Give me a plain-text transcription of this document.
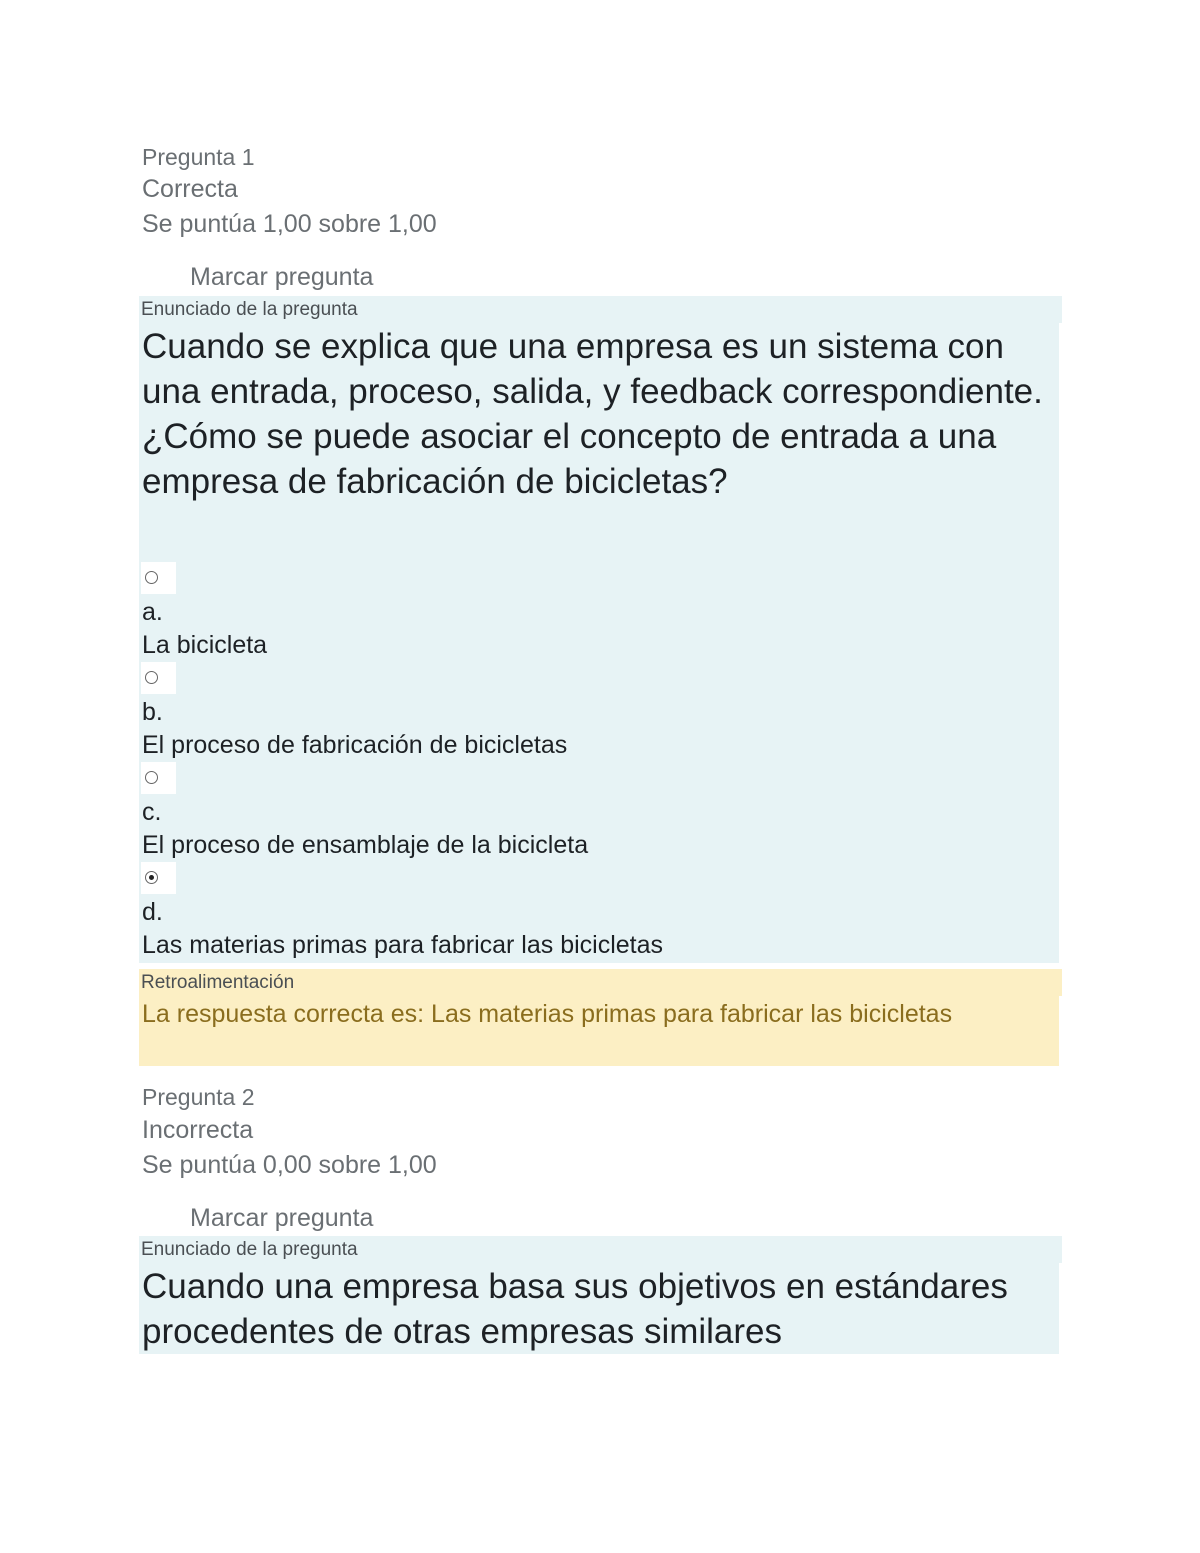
Pregunta 1
Correcta
Se puntúa 1,00 sobre 1,00
Marcar pregunta
Enunciado de la pregunta
Cuando se explica que una empresa es un sistema con una entrada, proceso, salida, y feedback correspondiente. ¿Cómo se puede asociar el concepto de entrada a una empresa de fabricación de bicicletas?
a.
La bicicleta
b.
El proceso de fabricación de bicicletas
c.
El proceso de ensamblaje de la bicicleta
d.
Las materias primas para fabricar las bicicletas
Retroalimentación
La respuesta correcta es: Las materias primas para fabricar las bicicletas
Pregunta 2
Incorrecta
Se puntúa 0,00 sobre 1,00
Marcar pregunta
Enunciado de la pregunta
Cuando una empresa basa sus objetivos en estándares procedentes de otras empresas similares
